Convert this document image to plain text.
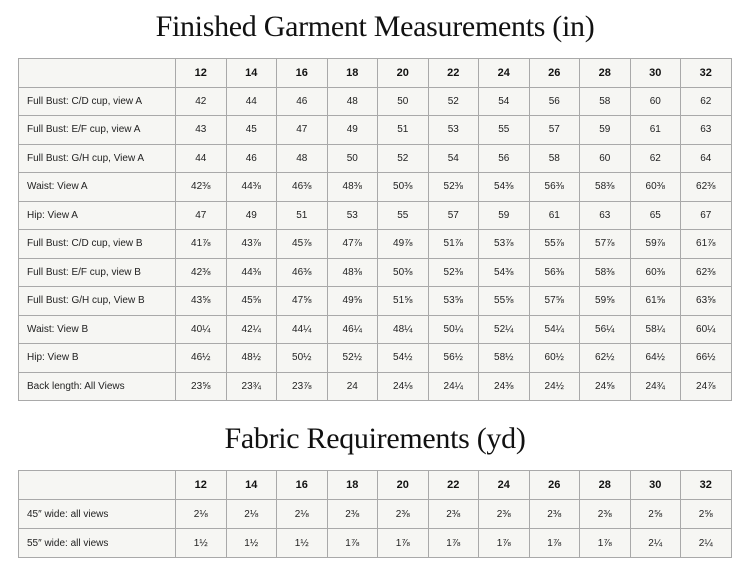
Finished Garment Measurements (in)
	12	14	16	18	20	22	24	26	28	30	32
Full Bust: C/D cup, view A	42	44	46	48	50	52	54	56	58	60	62
Full Bust: E/F cup, view A	43	45	47	49	51	53	55	57	59	61	63
Full Bust: G/H cup, View A	44	46	48	50	52	54	56	58	60	62	64
Waist: View A	42⅜	44⅜	46⅜	48⅜	50⅜	52⅜	54⅜	56⅜	58⅜	60⅜	62⅜
Hip: View A	47	49	51	53	55	57	59	61	63	65	67
Full Bust: C/D cup, view B	41⅞	43⅞	45⅞	47⅞	49⅞	51⅞	53⅞	55⅞	57⅞	59⅞	61⅞
Full Bust: E/F cup, view B	42⅜	44⅜	46⅜	48⅜	50⅜	52⅜	54⅜	56⅜	58⅜	60⅜	62⅜
Full Bust: G/H cup, View B	43⅝	45⅝	47⅝	49⅝	51⅝	53⅝	55⅝	57⅝	59⅝	61⅝	63⅝
Waist: View B	40¼	42¼	44¼	46¼	48¼	50¼	52¼	54¼	56¼	58¼	60¼
Hip: View B	46½	48½	50½	52½	54½	56½	58½	60½	62½	64½	66½
Back length: All Views	23⅝	23¾	23⅞	24	24⅛	24¼	24⅜	24½	24⅝	24¾	24⅞
Fabric Requirements (yd)
	12	14	16	18	20	22	24	26	28	30	32
45″ wide: all views	2⅛	2⅛	2⅛	2⅜	2⅜	2⅜	2⅜	2⅜	2⅜	2⅝	2⅝
55″ wide: all views	1½	1½	1½	1⅞	1⅞	1⅞	1⅞	1⅞	1⅞	2¼	2¼
